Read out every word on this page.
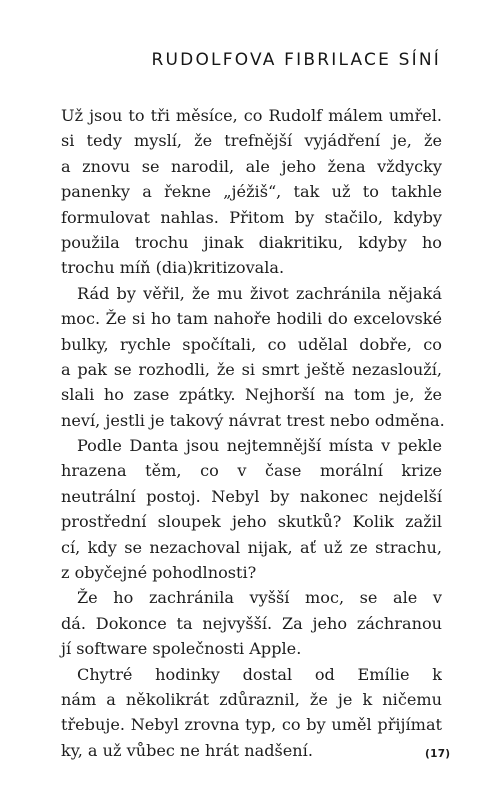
RUDOLFOVA FIBRILACE SÍNÍ
Už jsou to tři měsíce, co Rudolf málem umřel.
si tedy myslí, že trefnější vyjádření je, že
a znovu se narodil, ale jeho žena vždycky
panenky a řekne „jéžiš“, tak už to takhle
formulovat nahlas. Přitom by stačilo, kdyby
použila trochu jinak diakritiku, kdyby ho
trochu míň (dia)kritizovala.
Rád by věřil, že mu život zachránila nějaká
moc. Že si ho tam nahoře hodili do excelovské
bulky, rychle spočítali, co udělal dobře, co
a pak se rozhodli, že si smrt ještě nezaslouží,
slali ho zase zpátky. Nejhorší na tom je, že
neví, jestli je takový návrat trest nebo odměna.
Podle Danta jsou nejtemnější místa v pekle
hrazena těm, co v čase morální krize
neutrální postoj. Nebyl by nakonec nejdelší
prostřední sloupek jeho skutků? Kolik zažil
cí, kdy se nezachoval nijak, ať už ze strachu,
z obyčejné pohodlnosti?
Že ho zachránila vyšší moc, se ale v
dá. Dokonce ta nejvyšší. Za jeho záchranou
jí software společnosti Apple.
Chytré hodinky dostal od Emílie k
nám a několikrát zdůraznil, že je k ničemu
třebuje. Nebyl zrovna typ, co by uměl přijímat
ky, a už vůbec ne hrát nadšení.	(17)
